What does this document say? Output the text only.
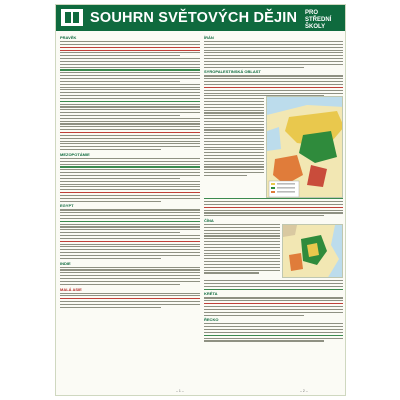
SOUHRN SVĚTOVÝCH DĚJIN PRO STŘEDNÍ ŠKOLY
PRAVĚK
MEZOPOTÁMIE
EGYPT
INDIE
MALÁ ASIE
ÍRÁN
SYROPALESTINSKÁ OBLAST
ČÍNA
KRÉTA
ŘECKO
– 1 –	– 2 –
